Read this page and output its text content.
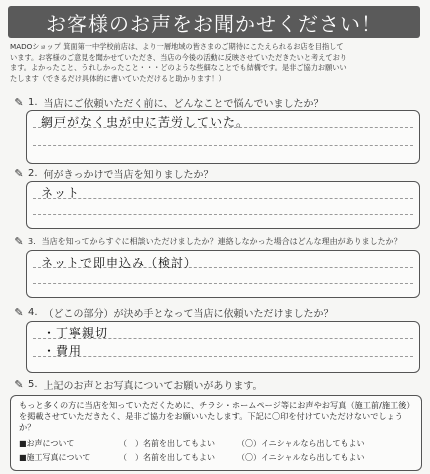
お客様のお声をお聞かせください！
MADOショップ 箕面第一中学校前店は、より一層地域の皆さまのご期待にこたえられるお店を目指して
います。お客様のご意見を聞かせていただき、当店の今後の活動に反映させていただきたいと考えており
ます。よかったこと、うれしかったこと・・・どのような些細なことでも結構です。是非ご協力お願いい
たします（できるだけ具体的に書いていただけると助かります！）
✎ 1. 当店にご依頼いただく前に、どんなことで悩んでいましたか？
網戸がなく虫が中に苦労していた。
✎ 2. 何がきっかけで当店を知りましたか？
ネット
✎ 3. 当店を知ってからすぐに相談いただけましたか？連絡しなかった場合はどんな理由がありましたか？
ネットで即申込み（検討）
✎ 4. （どこの部分）が決め手となって当店に依頼いただけましたか？
・丁寧親切
・費用
✎ 5. 上記のお声とお写真についてお願いがあります。
もっと多くの方に当店を知っていただくために、チラシ・ホームページ等にお声やお写真（施工前/施工後）を掲載させていただきたく、是非ご協力をお願いいたします。下記に〇印を付けていただけないでしょうか？
■お声について	（　）名前を出してもよい	（〇）イニシャルなら出してもよい
■施工写真について	（　）名前を出してもよい	（〇）イニシャルなら出してもよい
